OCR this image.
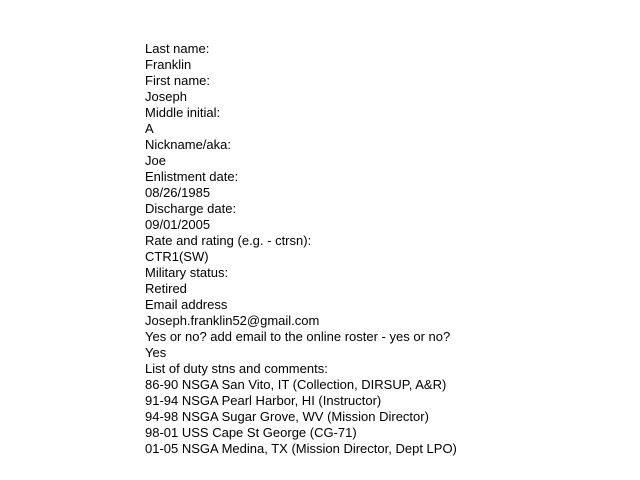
Last name:
Franklin
First name:
Joseph
Middle initial:
A
Nickname/aka:
Joe
Enlistment date:
08/26/1985
Discharge date:
09/01/2005
Rate and rating (e.g. - ctrsn):
CTR1(SW)
Military status:
Retired
Email address
Joseph.franklin52@gmail.com
Yes or no? add email to the online roster - yes or no?
Yes
List of duty stns and comments:
86-90 NSGA San Vito, IT (Collection, DIRSUP, A&R)
91-94 NSGA Pearl Harbor, HI (Instructor)
94-98 NSGA Sugar Grove, WV (Mission Director)
98-01 USS Cape St George (CG-71)
01-05 NSGA Medina, TX (Mission Director, Dept LPO)
